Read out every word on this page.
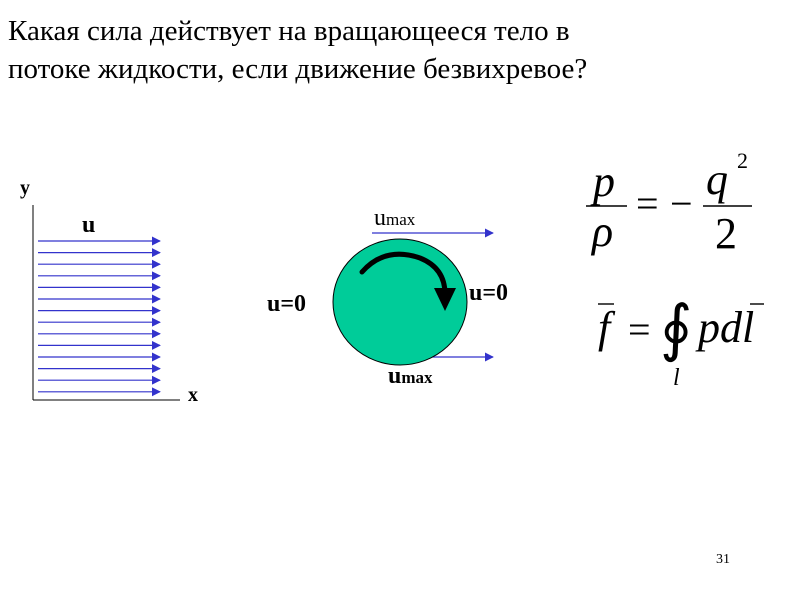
Какая сила действует на вращающееся тело в
потоке жидкости, если движение безвихревое?
y
x
u	umax
umax
u=0	u=0
p
ρ
= − q 2
2
f = ∮ pdl
l
31
